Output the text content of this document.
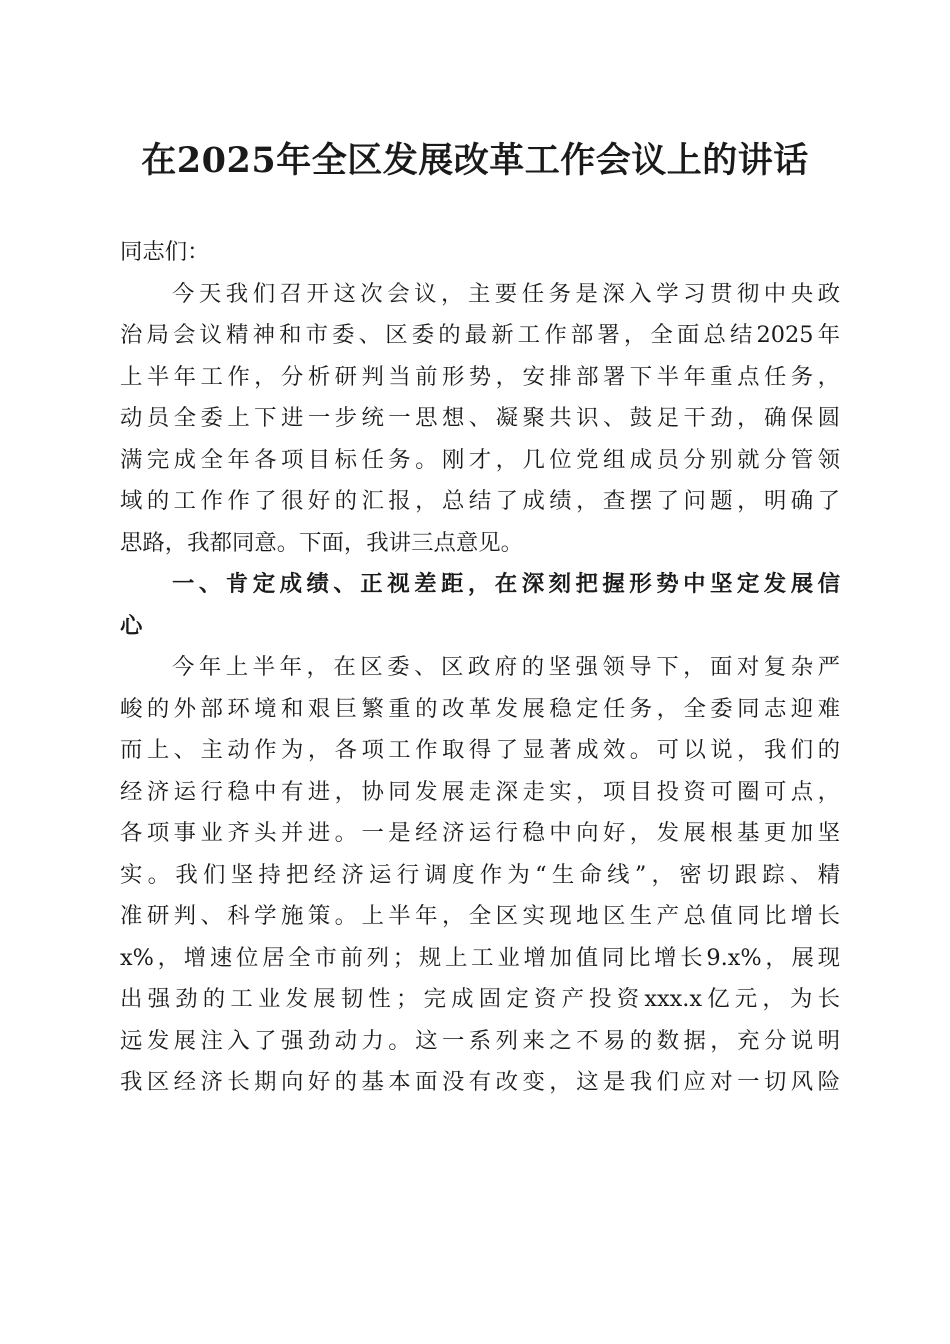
在2025年全区发展改革工作会议上的讲话
同志们：
今天我们召开这次会议，主要任务是深入学习贯彻中央政
治局会议精神和市委、区委的最新工作部署，全面总结2025年
上半年工作，分析研判当前形势，安排部署下半年重点任务，
动员全委上下进一步统一思想、凝聚共识、鼓足干劲，确保圆
满完成全年各项目标任务。刚才，几位党组成员分别就分管领
域的工作作了很好的汇报，总结了成绩，查摆了问题，明确了
思路，我都同意。下面，我讲三点意见。
一、肯定成绩、正视差距，在深刻把握形势中坚定发展信
心
今年上半年，在区委、区政府的坚强领导下，面对复杂严
峻的外部环境和艰巨繁重的改革发展稳定任务，全委同志迎难
而上、主动作为，各项工作取得了显著成效。可以说，我们的
经济运行稳中有进，协同发展走深走实，项目投资可圈可点，
各项事业齐头并进。一是经济运行稳中向好，发展根基更加坚
实。我们坚持把经济运行调度作为“生命线”，密切跟踪、精
准研判、科学施策。上半年，全区实现地区生产总值同比增长
x%，增速位居全市前列；规上工业增加值同比增长9.x%，展现
出强劲的工业发展韧性；完成固定资产投资xxx.x亿元，为长
远发展注入了强劲动力。这一系列来之不易的数据，充分说明
我区经济长期向好的基本面没有改变，这是我们应对一切风险
